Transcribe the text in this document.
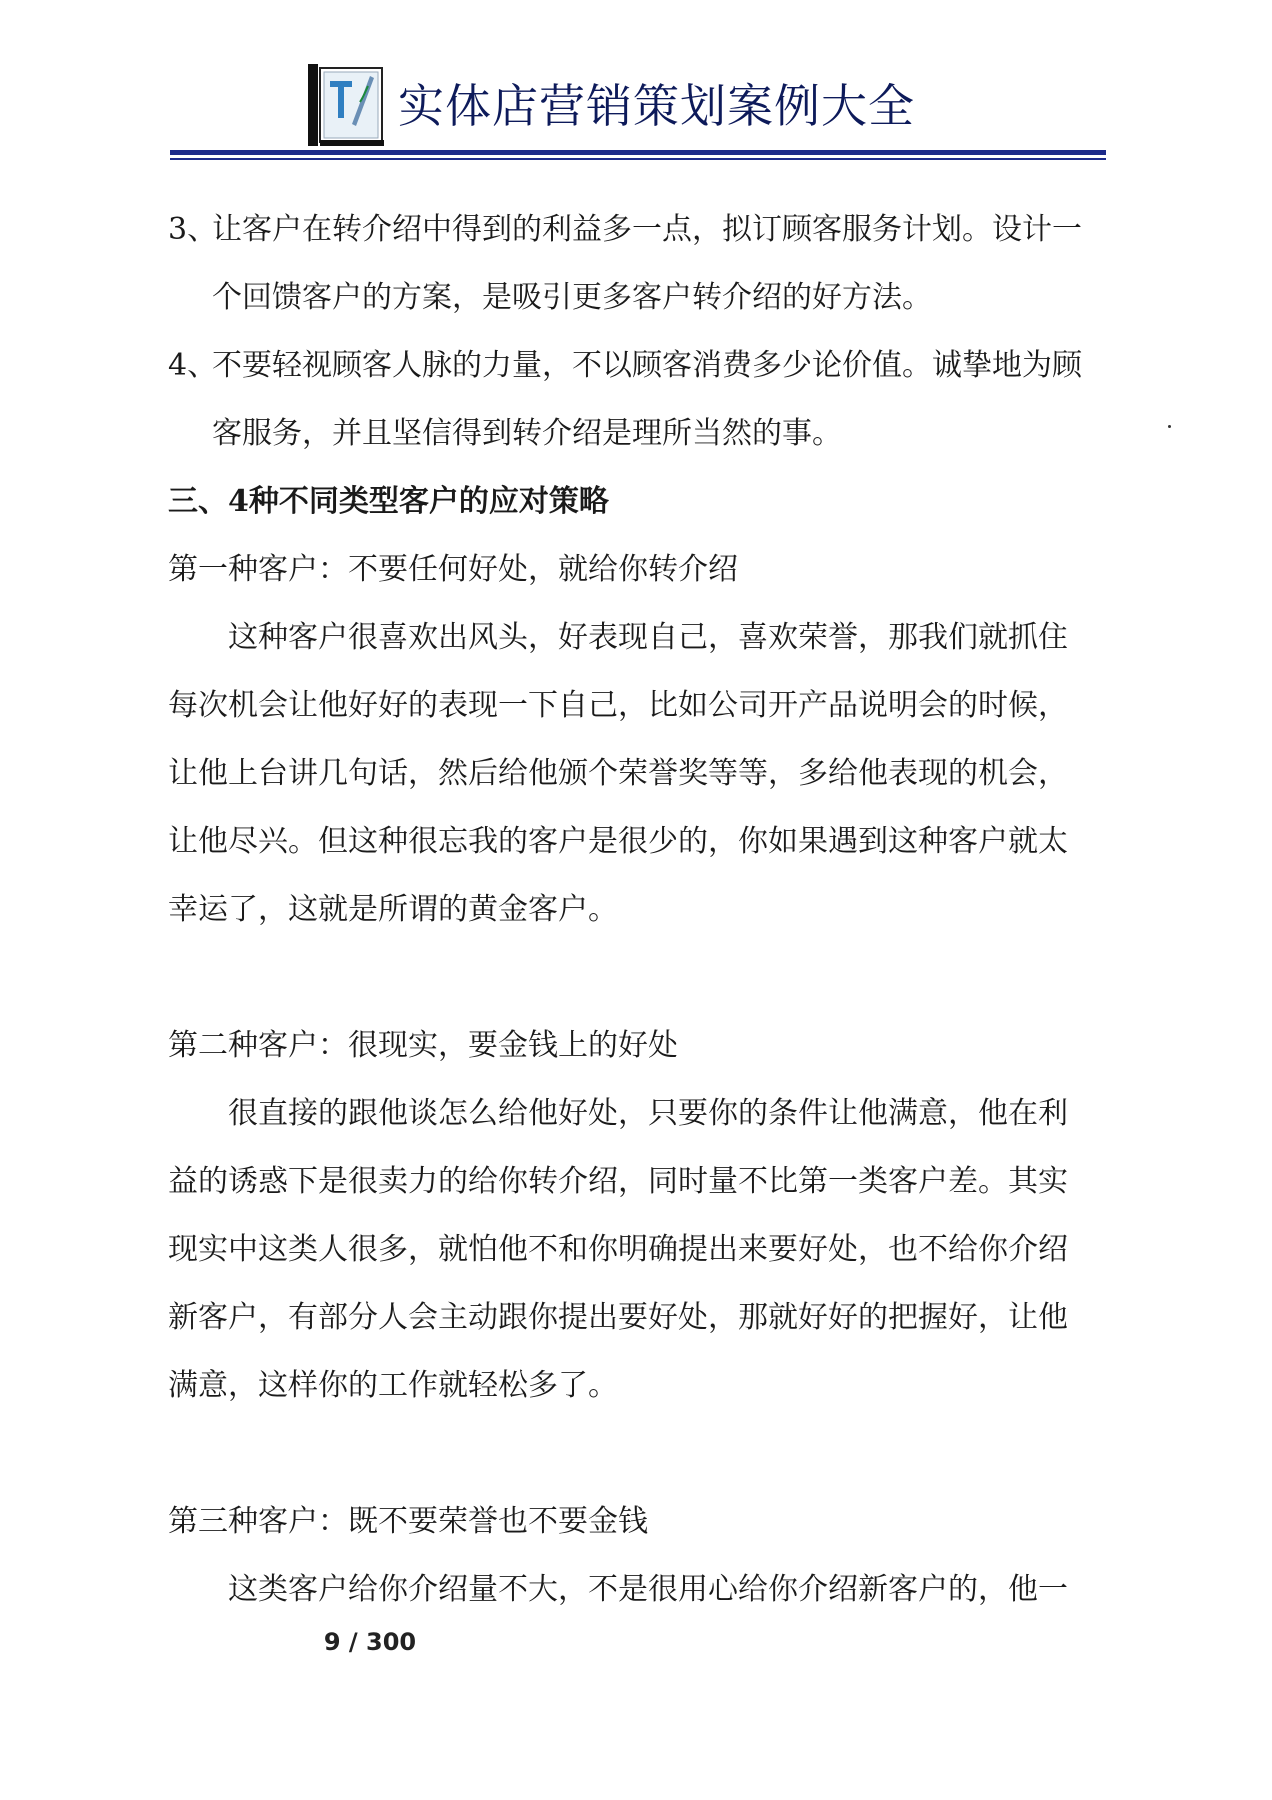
实体店营销策划案例大全
3、
让客户在转介绍中得到的利益多一点，拟订顾客服务计划。设计一个回馈客户的方案，是吸引更多客户转介绍的好方法。
4、
不要轻视顾客人脉的力量，不以顾客消费多少论价值。诚挚地为顾客服务，并且坚信得到转介绍是理所当然的事。

三、4种不同类型客户的应对策略

第一种客户：不要任何好处，就给你转介绍

这种客户很喜欢出风头，好表现自己，喜欢荣誉，那我们就抓住每次机会让他好好的表现一下自己，比如公司开产品说明会的时候，让他上台讲几句话，然后给他颁个荣誉奖等等，多给他表现的机会，让他尽兴。但这种很忘我的客户是很少的，你如果遇到这种客户就太幸运了，这就是所谓的黄金客户。

第二种客户：很现实，要金钱上的好处

很直接的跟他谈怎么给他好处，只要你的条件让他满意，他在利益的诱惑下是很卖力的给你转介绍，同时量不比第一类客户差。其实现实中这类人很多，就怕他不和你明确提出来要好处，也不给你介绍新客户，有部分人会主动跟你提出要好处，那就好好的把握好，让他满意，这样你的工作就轻松多了。

第三种客户：既不要荣誉也不要金钱

这类客户给你介绍量不大，不是很用心给你介绍新客户的，他一

9 / 300
